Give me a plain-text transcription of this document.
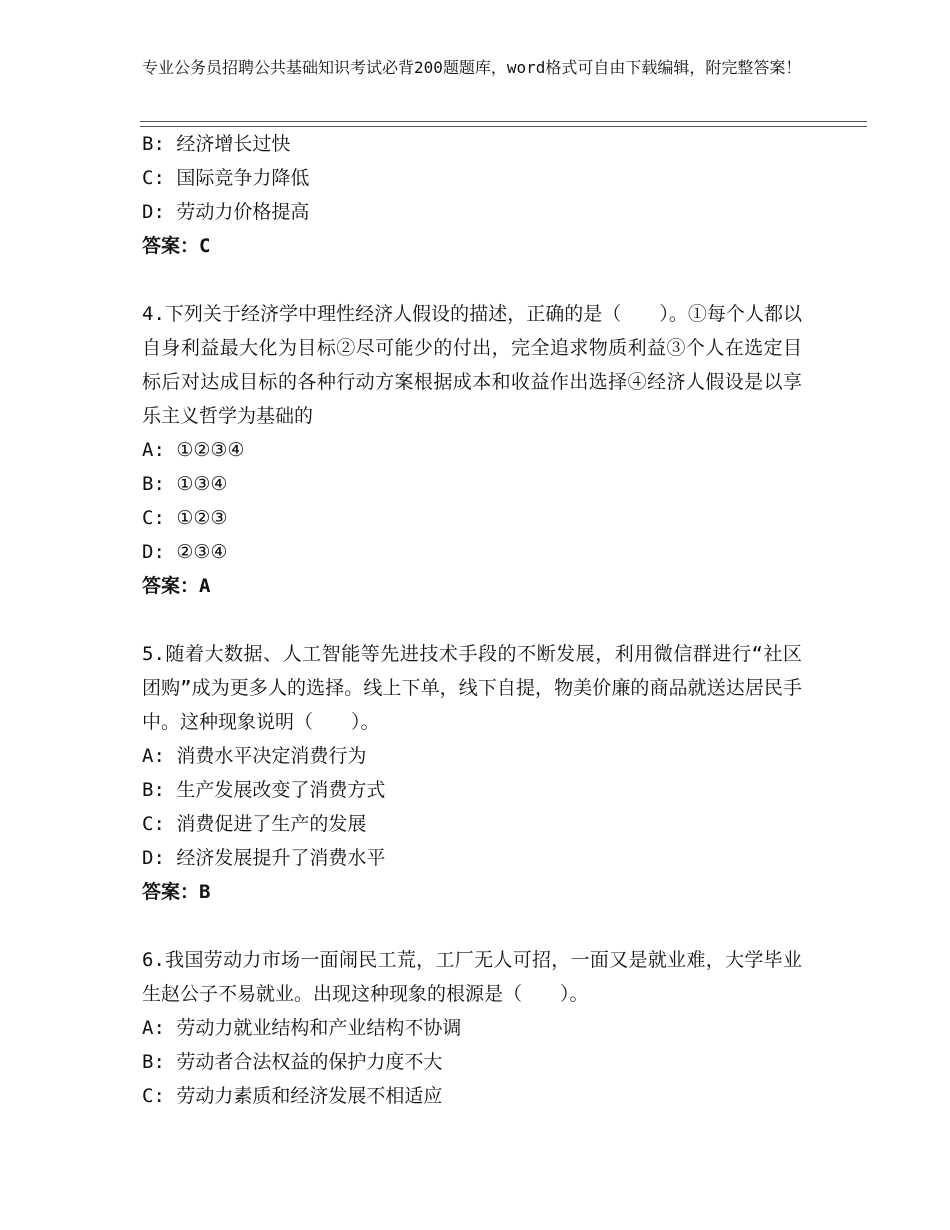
专业公务员招聘公共基础知识考试必背200题题库，word格式可自由下载编辑，附完整答案！
B: 经济增长过快
C: 国际竞争力降低
D: 劳动力价格提高
答案：C
4.下列关于经济学中理性经济人假设的描述，正确的是（　　）。①每个人都以自身利益最大化为目标②尽可能少的付出，完全追求物质利益③个人在选定目标后对达成目标的各种行动方案根据成本和收益作出选择④经济人假设是以享乐主义哲学为基础的
A: ①②③④
B: ①③④
C: ①②③
D: ②③④
答案：A
5.随着大数据、人工智能等先进技术手段的不断发展，利用微信群进行“社区团购”成为更多人的选择。线上下单，线下自提，物美价廉的商品就送达居民手中。这种现象说明（　　）。
A: 消费水平决定消费行为
B: 生产发展改变了消费方式
C: 消费促进了生产的发展
D: 经济发展提升了消费水平
答案：B
6.我国劳动力市场一面闹民工荒，工厂无人可招，一面又是就业难，大学毕业生赵公子不易就业。出现这种现象的根源是（　　）。
A: 劳动力就业结构和产业结构不协调
B: 劳动者合法权益的保护力度不大
C: 劳动力素质和经济发展不相适应
